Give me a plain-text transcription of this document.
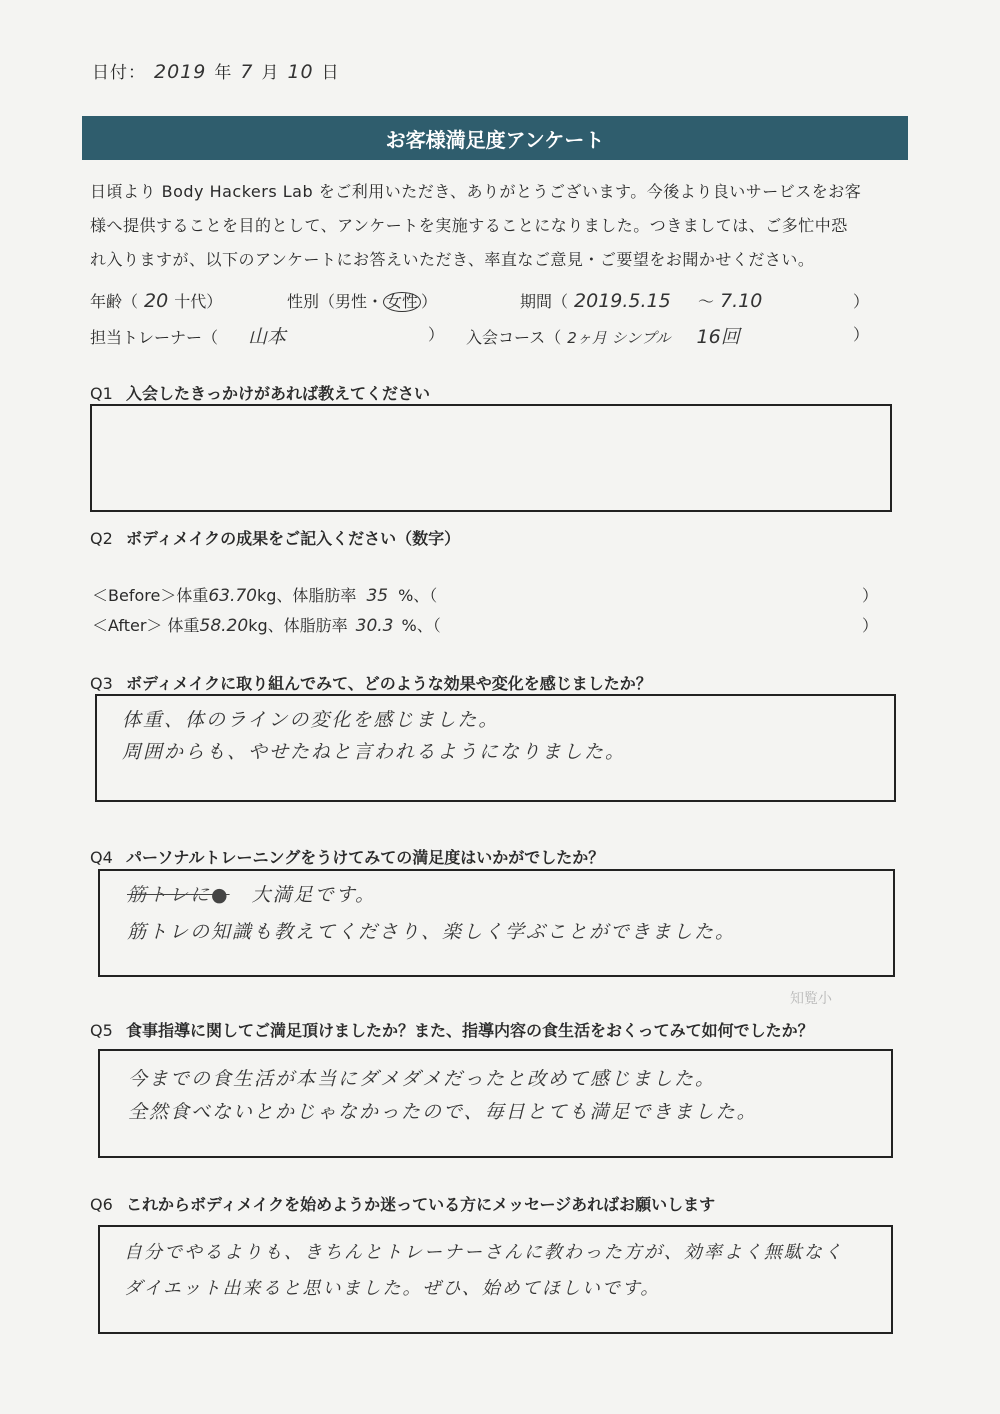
日付： 2019 年 7 月 10 日
お客様満足度アンケート
日頃より Body Hackers Lab をご利用いただき、ありがとうございます。今後より良いサービスをお客
様へ提供することを目的として、アンケートを実施することになりました。つきましては、ご多忙中恐
れ入りますが、以下のアンケートにお答えいただき、率直なご意見・ご要望をお聞かせください。
年齢（ 20 十代）	性別（男性・ 女性 ）	期間（ 2019.5.15	〜 7.10	）
担当トレーナー（ 山本	） 入会コース（ 2ヶ月 シンプル 16回	）
Q1 入会したきっかけがあれば教えてください
Q2 ボディメイクの成果をご記入ください（数字）
＜Before＞体重63.70kg、体脂肪率 35 %、（	）
＜After＞ 体重58.20kg、体脂肪率 30.3 %、（	）
Q3 ボディメイクに取り組んでみて、どのような効果や変化を感じましたか？
体重、体のラインの変化を感じました。
周囲からも、やせたねと言われるようになりました。
Q4 パーソナルトレーニングをうけてみての満足度はいかがでしたか？
筋トレに● 大満足です。
筋トレの知識も教えてくださり、楽しく学ぶことができました。
知覧小
Q5 食事指導に関してご満足頂けましたか？また、指導内容の食生活をおくってみて如何でしたか？
今までの食生活が本当にダメダメだったと改めて感じました。
全然食べないとかじゃなかったので、毎日とても満足できました。
Q6 これからボディメイクを始めようか迷っている方にメッセージあればお願いします
自分でやるよりも、きちんとトレーナーさんに教わった方が、効率よく無駄なく
ダイエット出来ると思いました。ぜひ、始めてほしいです。
